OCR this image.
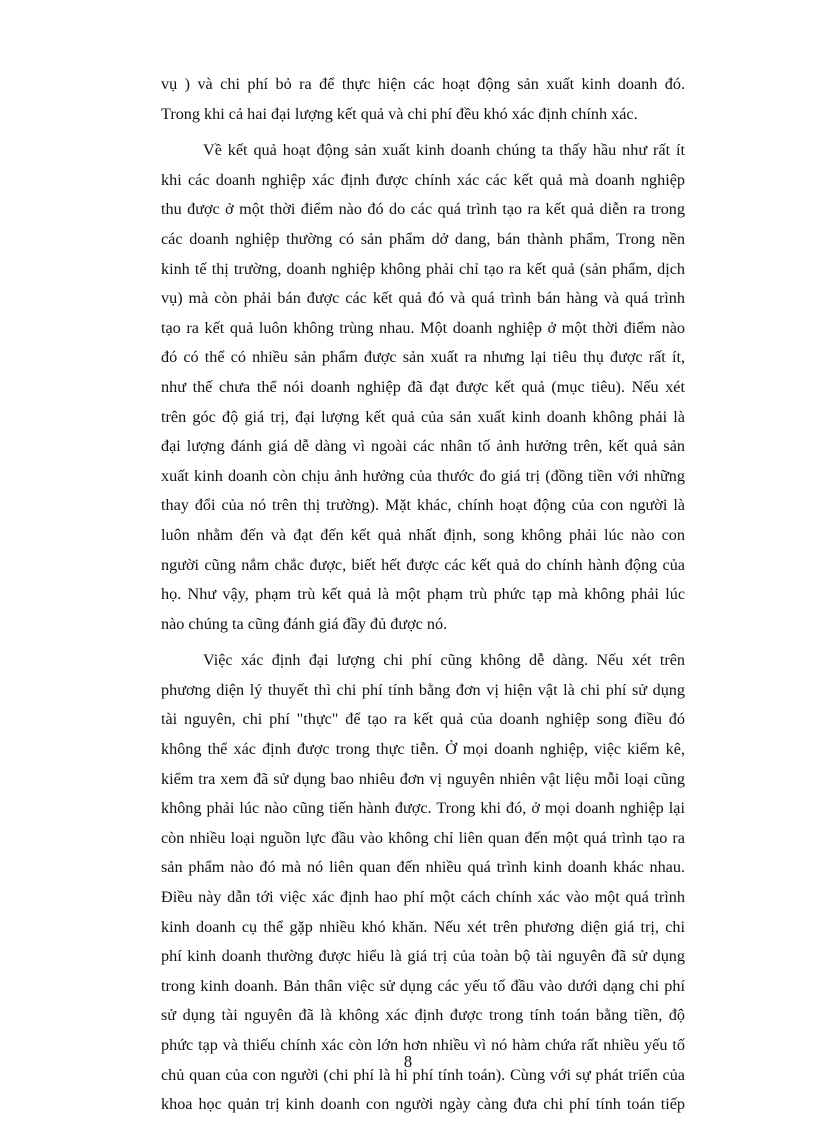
vụ ) và chi phí bỏ ra để thực hiện các hoạt động sản xuất kinh doanh đó.
Trong khi cả hai đại lượng kết quả và chi phí đều khó xác định chính xác.

Về kết quả hoạt động sản xuất kinh doanh chúng ta thấy hầu như rất ít
khi các doanh nghiệp xác định được chính xác các kết quả mà doanh nghiệp
thu được ở một thời điểm nào đó do các quá trình tạo ra kết quả diễn ra trong
các doanh nghiệp thường có sản phẩm dở dang, bán thành phẩm, Trong nền
kinh tế thị trường, doanh nghiệp không phải chỉ tạo ra kết quả (sản phẩm, dịch
vụ) mà còn phải bán được các kết quả đó và quá trình bán hàng và quá trình
tạo ra kết quả luôn không trùng nhau. Một doanh nghiệp ở một thời điểm nào
đó có thể có nhiều sản phẩm được sản xuất ra nhưng lại tiêu thụ được rất ít,
như thế chưa thể nói doanh nghiệp đã đạt được kết quả (mục tiêu). Nếu xét
trên góc độ giá trị, đại lượng kết quả của sản xuất kinh doanh không phải là
đại lượng đánh giá dễ dàng vì ngoài các nhân tố ảnh hưởng trên, kết quả sản
xuất kinh doanh còn chịu ảnh hưởng của thước đo giá trị (đồng tiền với những
thay đổi của nó trên thị trường). Mặt khác, chính hoạt động của con người là
luôn nhằm đến và đạt đến kết quả nhất định, song không phải lúc nào con
người cũng nắm chắc được, biết hết được các kết quả do chính hành động của
họ. Như vậy, phạm trù kết quả là một phạm trù phức tạp mà không phải lúc
nào chúng ta cũng đánh giá đầy đủ được nó.

Việc xác định đại lượng chi phí cũng không dễ dàng. Nếu xét trên
phương diện lý thuyết thì chi phí tính bằng đơn vị hiện vật là chi phí sử dụng
tài nguyên, chi phí "thực" để tạo ra kết quả của doanh nghiệp song điều đó
không thể xác định được trong thực tiễn. Ở mọi doanh nghiệp, việc kiểm kê,
kiểm tra xem đã sử dụng bao nhiêu đơn vị nguyên nhiên vật liệu mỗi loại cũng
không phải lúc nào cũng tiến hành được. Trong khi đó, ở mọi doanh nghiệp lại
còn nhiều loại nguồn lực đầu vào không chỉ liên quan đến một quá trình tạo ra
sản phẩm nào đó mà nó liên quan đến nhiều quá trình kinh doanh khác nhau.
Điều này dẫn tới việc xác định hao phí một cách chính xác vào một quá trình
kinh doanh cụ thể gặp nhiều khó khăn. Nếu xét trên phương diện giá trị, chi
phí kinh doanh thường được hiểu là giá trị của toàn bộ tài nguyên đã sử dụng
trong kinh doanh. Bản thân việc sử dụng các yếu tố đầu vào dưới dạng chi phí
sử dụng tài nguyên đã là không xác định được trong tính toán bằng tiền, độ
phức tạp và thiếu chính xác còn lớn hơn nhiều vì nó hàm chứa rất nhiều yếu tố
chủ quan của con người (chi phí là hi phí tính toán). Cùng với sự phát triển của
khoa học quản trị kinh doanh con người ngày càng đưa chi phí tính toán tiếp

8
